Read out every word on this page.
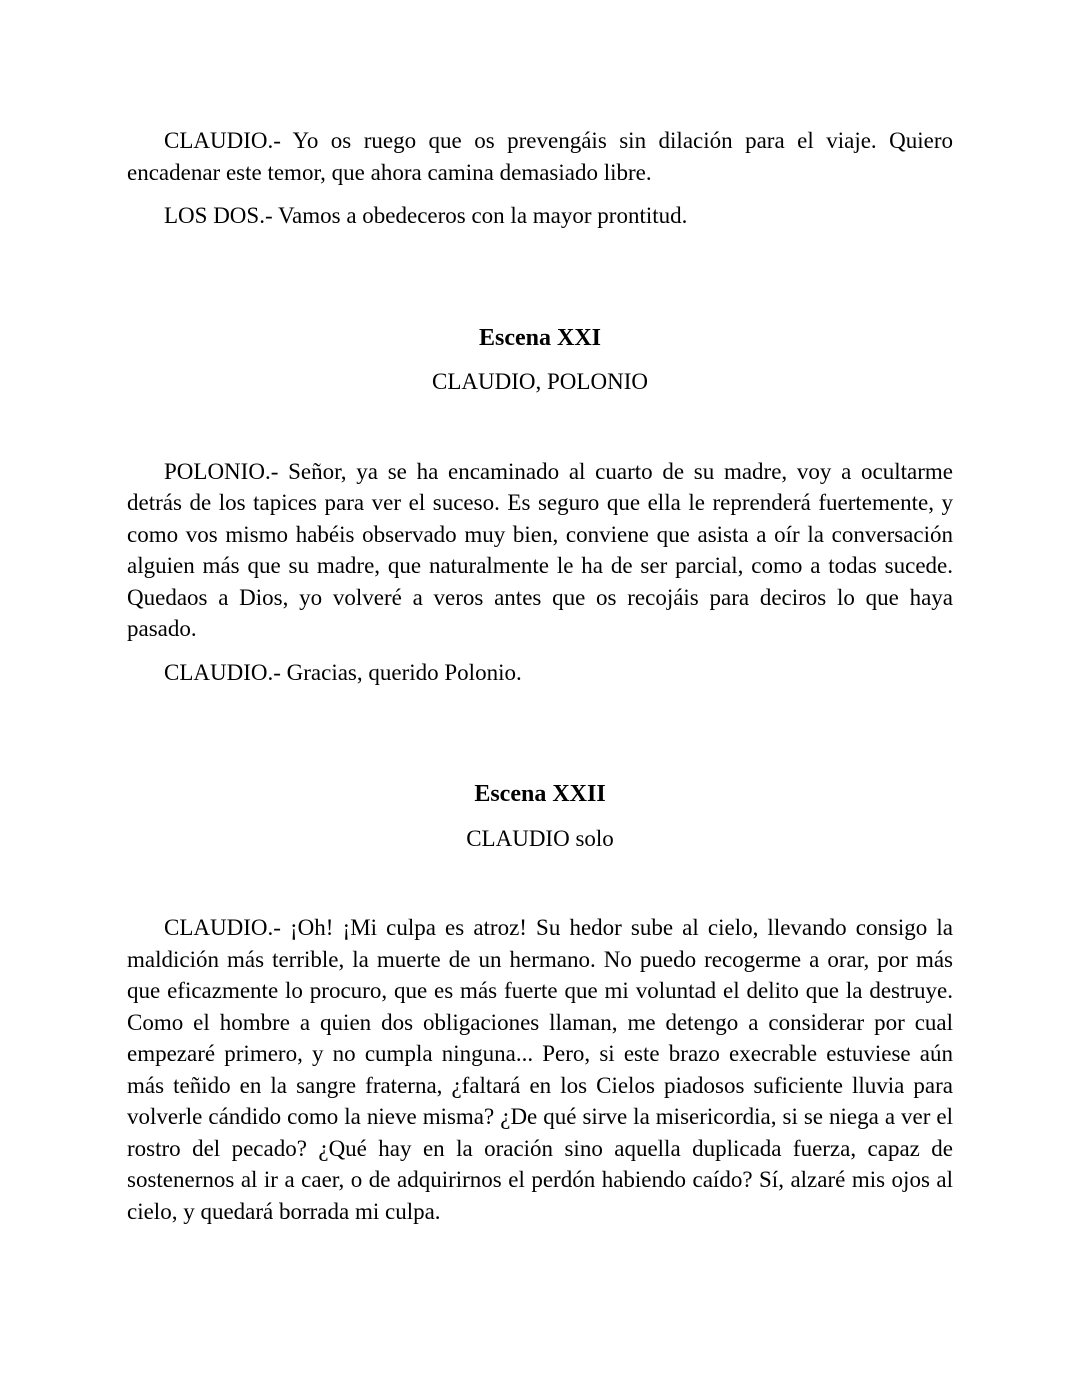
CLAUDIO.- Yo os ruego que os prevengáis sin dilación para el viaje. Quiero encadenar este temor, que ahora camina demasiado libre.

LOS DOS.- Vamos a obedeceros con la mayor prontitud.

Escena XXI

CLAUDIO, POLONIO

POLONIO.- Señor, ya se ha encaminado al cuarto de su madre, voy a ocultarme detrás de los tapices para ver el suceso. Es seguro que ella le reprenderá fuertemente, y como vos mismo habéis observado muy bien, conviene que asista a oír la conversación alguien más que su madre, que naturalmente le ha de ser parcial, como a todas sucede. Quedaos a Dios, yo volveré a veros antes que os recojáis para deciros lo que haya pasado.

CLAUDIO.- Gracias, querido Polonio.

Escena XXII

CLAUDIO solo

CLAUDIO.- ¡Oh! ¡Mi culpa es atroz! Su hedor sube al cielo, llevando consigo la maldición más terrible, la muerte de un hermano. No puedo recogerme a orar, por más que eficazmente lo procuro, que es más fuerte que mi voluntad el delito que la destruye. Como el hombre a quien dos obligaciones llaman, me detengo a considerar por cual empezaré primero, y no cumpla ninguna... Pero, si este brazo execrable estuviese aún más teñido en la sangre fraterna, ¿faltará en los Cielos piadosos suficiente lluvia para volverle cándido como la nieve misma? ¿De qué sirve la misericordia, si se niega a ver el rostro del pecado? ¿Qué hay en la oración sino aquella duplicada fuerza, capaz de sostenernos al ir a caer, o de adquirirnos el perdón habiendo caído? Sí, alzaré mis ojos al cielo, y quedará borrada mi culpa.
